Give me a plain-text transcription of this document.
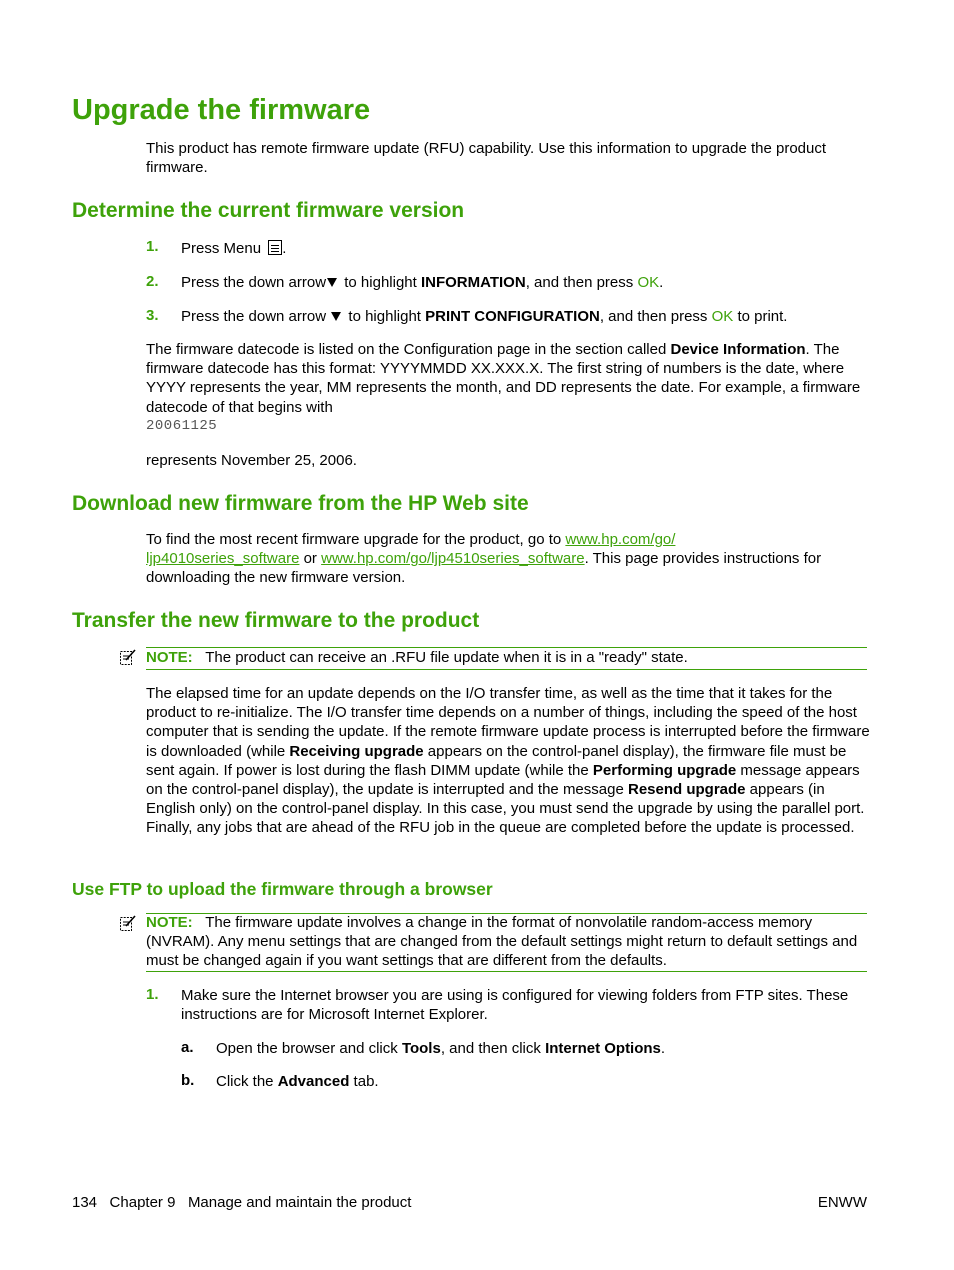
Upgrade the firmware
This product has remote firmware update (RFU) capability. Use this information to upgrade the product firmware.
Determine the current firmware version
1. Press Menu
.
2. Press the down arrow to highlight INFORMATION, and then press OK.
3. Press the down arrow  to highlight PRINT CONFIGURATION, and then press OK to print.
The firmware datecode is listed on the Configuration page in the section called Device Information. The firmware datecode has this format: YYYYMMDD XX.XXX.X. The first string of numbers is the date, where YYYY represents the year, MM represents the month, and DD represents the date. For example, a firmware datecode of that begins with
20061125
represents November 25, 2006.
Download new firmware from the HP Web site
To find the most recent firmware upgrade for the product, go to www.hp.com/go/
ljp4010series_software or www.hp.com/go/ljp4510series_software. This page provides instructions for
downloading the new firmware version.
Transfer the new firmware to the product
NOTE: The product can receive an .RFU file update when it is in a "ready" state.
The elapsed time for an update depends on the I/O transfer time, as well as the time that it takes for the product to re-initialize. The I/O transfer time depends on a number of things, including the speed of the host computer that is sending the update. If the remote firmware update process is interrupted before the firmware is downloaded (while Receiving upgrade appears on the control-panel display), the firmware file must be sent again. If power is lost during the flash DIMM update (while the Performing upgrade message appears on the control-panel display), the update is interrupted and the message Resend upgrade appears (in English only) on the control-panel display. In this case, you must send the upgrade by using the parallel port. Finally, any jobs that are ahead of the RFU job in the queue are completed before the update is processed.
Use FTP to upload the firmware through a browser
NOTE: The firmware update involves a change in the format of nonvolatile random-access memory (NVRAM). Any menu settings that are changed from the default settings might return to default settings and must be changed again if you want settings that are different from the defaults.
1. Make sure the Internet browser you are using is configured for viewing folders from FTP sites. These instructions are for Microsoft Internet Explorer.
a. Open the browser and click Tools, and then click Internet Options.
b. Click the Advanced tab.
134 Chapter 9 Manage and maintain the product	ENWW
